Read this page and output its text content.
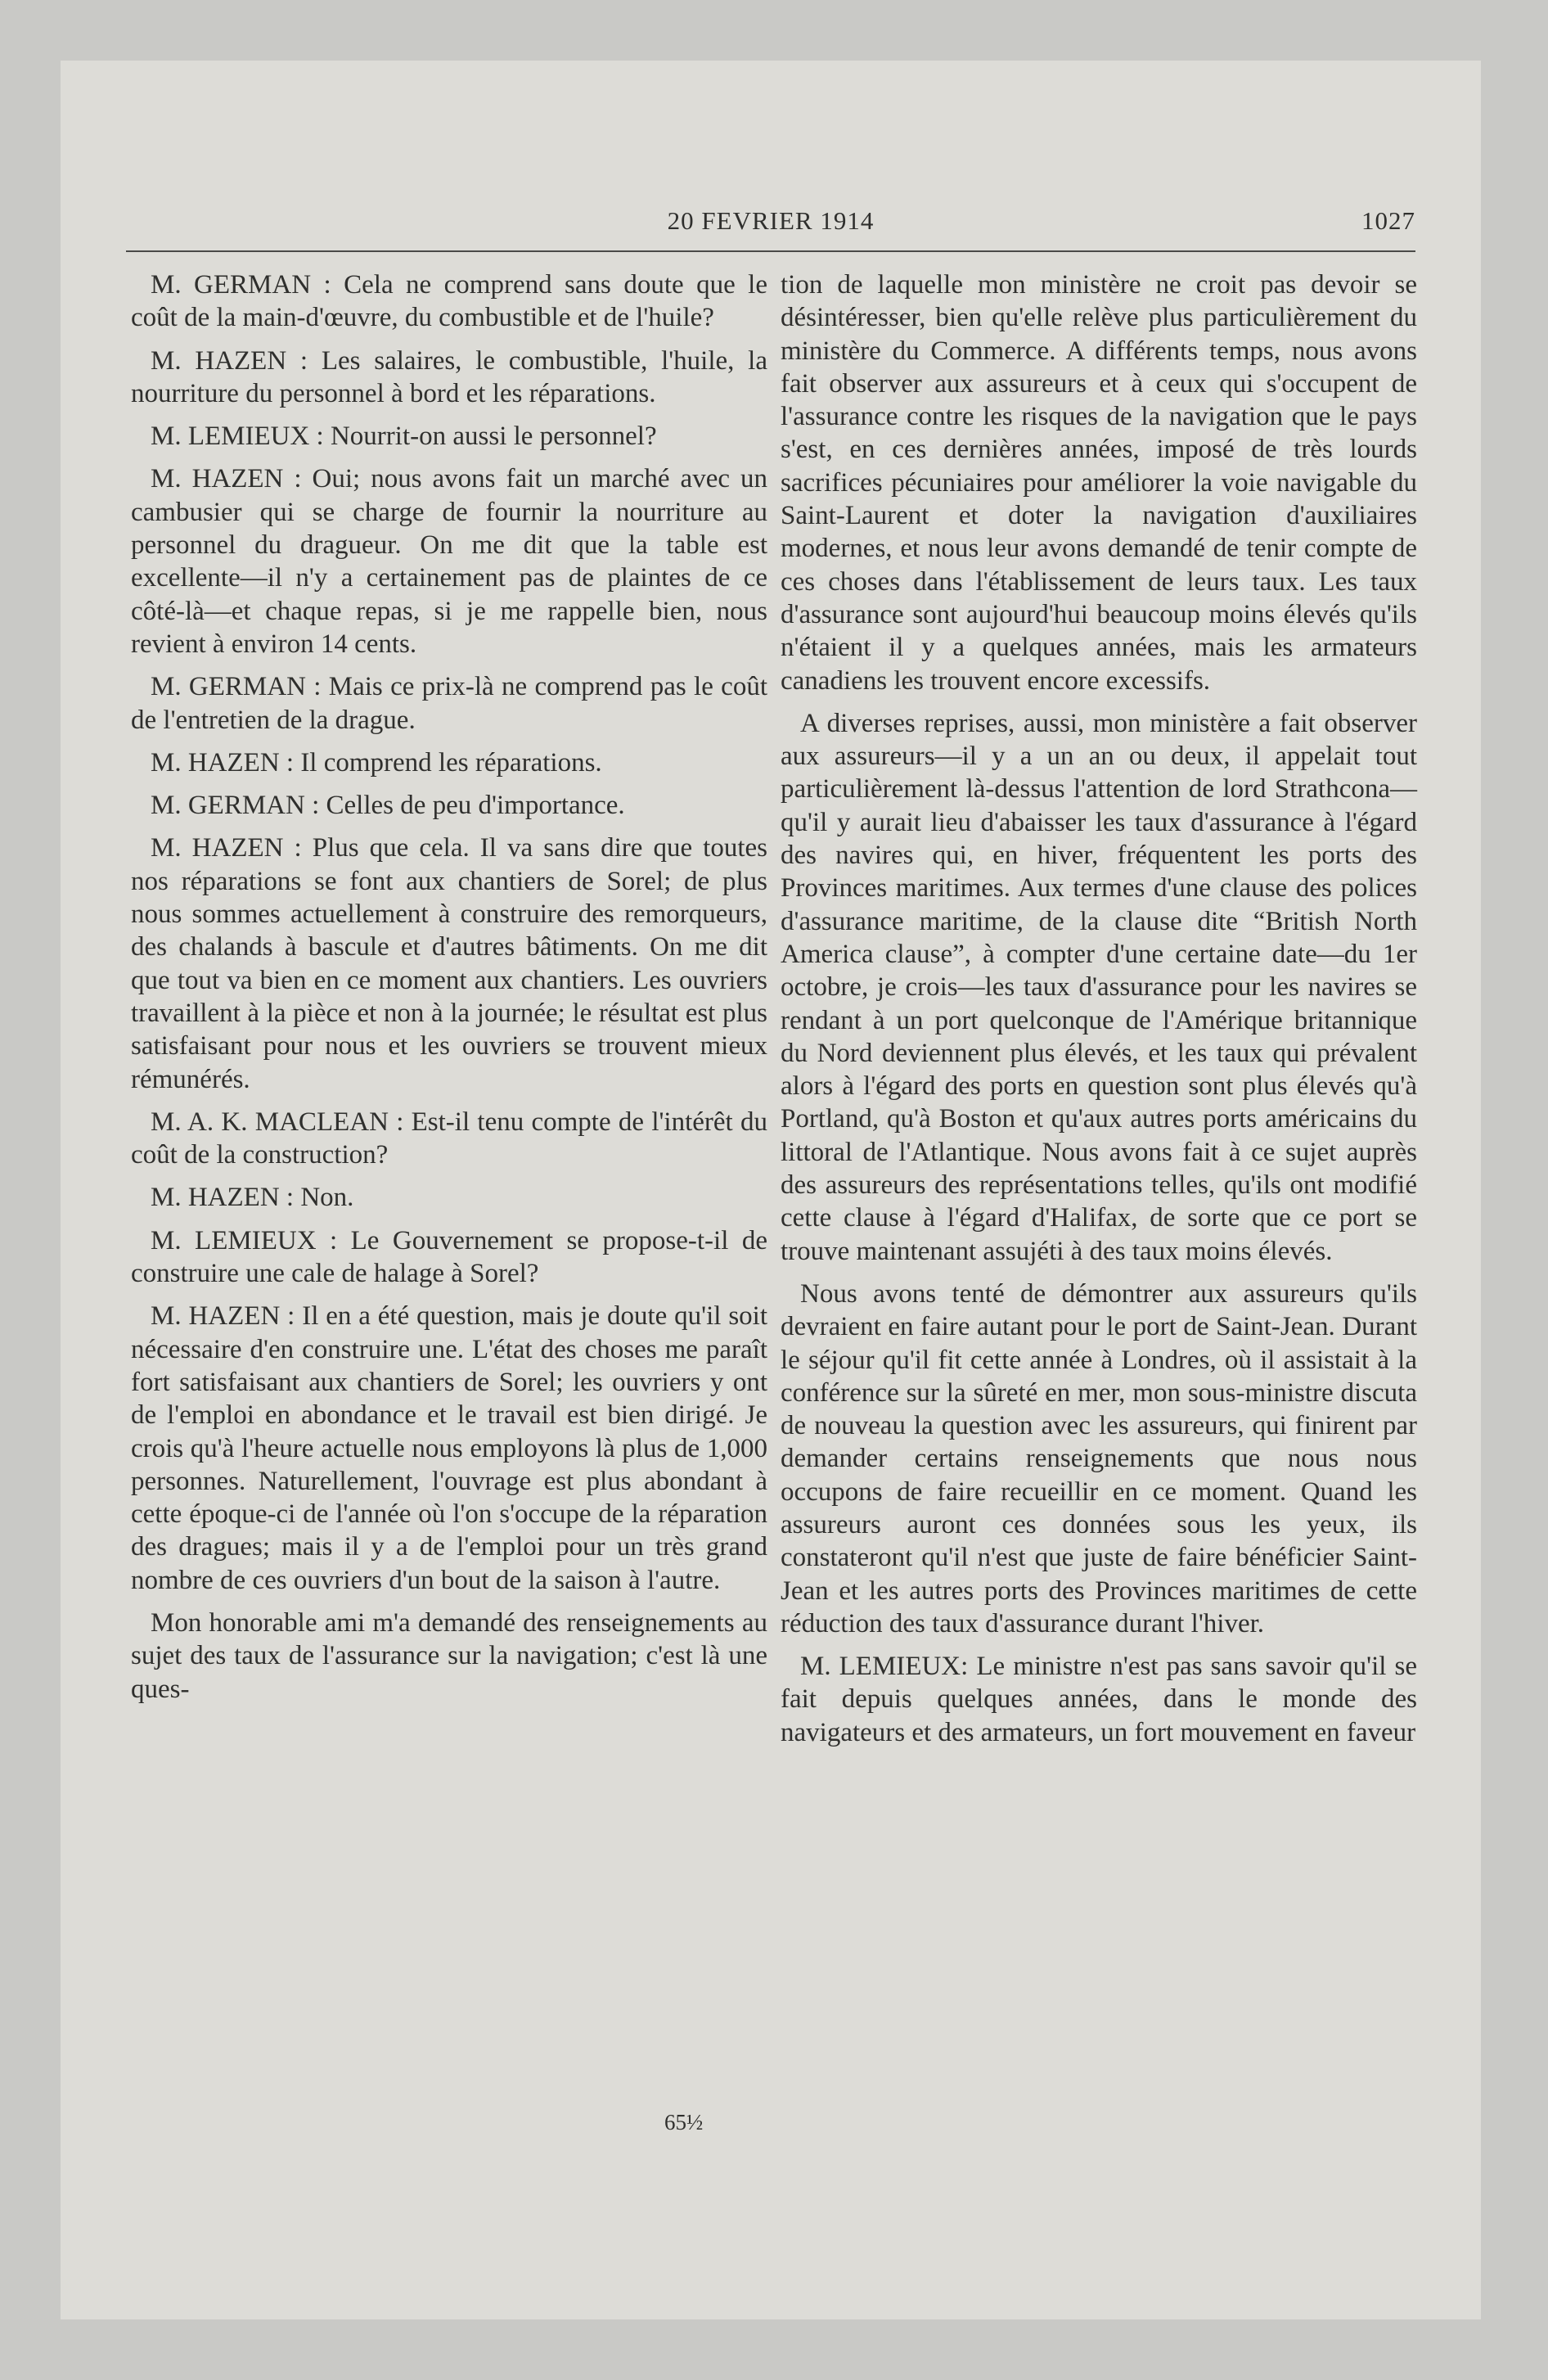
20 FEVRIER 1914	1027

M. GERMAN : Cela ne comprend sans doute que le coût de la main-d'œuvre, du combustible et de l'huile?

M. HAZEN : Les salaires, le combustible, l'huile, la nourriture du personnel à bord et les réparations.

M. LEMIEUX : Nourrit-on aussi le personnel?

M. HAZEN : Oui; nous avons fait un marché avec un cambusier qui se charge de fournir la nourriture au personnel du dragueur. On me dit que la table est excellente—il n'y a certainement pas de plaintes de ce côté-là—et chaque repas, si je me rappelle bien, nous revient à environ 14 cents.

M. GERMAN : Mais ce prix-là ne comprend pas le coût de l'entretien de la drague.

M. HAZEN : Il comprend les réparations.

M. GERMAN : Celles de peu d'importance.

M. HAZEN : Plus que cela. Il va sans dire que toutes nos réparations se font aux chantiers de Sorel; de plus nous sommes actuellement à construire des remorqueurs, des chalands à bascule et d'autres bâtiments. On me dit que tout va bien en ce moment aux chantiers. Les ouvriers travaillent à la pièce et non à la journée; le résultat est plus satisfaisant pour nous et les ouvriers se trouvent mieux rémunérés.

M. A. K. MACLEAN : Est-il tenu compte de l'intérêt du coût de la construction?

M. HAZEN : Non.

M. LEMIEUX : Le Gouvernement se propose-t-il de construire une cale de halage à Sorel?

M. HAZEN : Il en a été question, mais je doute qu'il soit nécessaire d'en construire une. L'état des choses me paraît fort satisfaisant aux chantiers de Sorel; les ouvriers y ont de l'emploi en abondance et le travail est bien dirigé. Je crois qu'à l'heure actuelle nous employons là plus de 1,000 personnes. Naturellement, l'ouvrage est plus abondant à cette époque-ci de l'année où l'on s'occupe de la réparation des dragues; mais il y a de l'emploi pour un très grand nombre de ces ouvriers d'un bout de la saison à l'autre.

Mon honorable ami m'a demandé des renseignements au sujet des taux de l'assurance sur la navigation; c'est là une ques-

tion de laquelle mon ministère ne croit pas devoir se désintéresser, bien qu'elle relève plus particulièrement du ministère du Commerce. A différents temps, nous avons fait observer aux assureurs et à ceux qui s'occupent de l'assurance contre les risques de la navigation que le pays s'est, en ces dernières années, imposé de très lourds sacrifices pécuniaires pour améliorer la voie navigable du Saint-Laurent et doter la navigation d'auxiliaires modernes, et nous leur avons demandé de tenir compte de ces choses dans l'établissement de leurs taux. Les taux d'assurance sont aujourd'hui beaucoup moins élevés qu'ils n'étaient il y a quelques années, mais les armateurs canadiens les trouvent encore excessifs.

A diverses reprises, aussi, mon ministère a fait observer aux assureurs—il y a un an ou deux, il appelait tout particulièrement là-dessus l'attention de lord Strathcona—qu'il y aurait lieu d'abaisser les taux d'assurance à l'égard des navires qui, en hiver, fréquentent les ports des Provinces maritimes. Aux termes d'une clause des polices d'assurance maritime, de la clause dite “British North America clause”, à compter d'une certaine date—du 1er octobre, je crois—les taux d'assurance pour les navires se rendant à un port quelconque de l'Amérique britannique du Nord deviennent plus élevés, et les taux qui prévalent alors à l'égard des ports en question sont plus élevés qu'à Portland, qu'à Boston et qu'aux autres ports américains du littoral de l'Atlantique. Nous avons fait à ce sujet auprès des assureurs des représentations telles, qu'ils ont modifié cette clause à l'égard d'Halifax, de sorte que ce port se trouve maintenant assujéti à des taux moins élevés.

Nous avons tenté de démontrer aux assureurs qu'ils devraient en faire autant pour le port de Saint-Jean. Durant le séjour qu'il fit cette année à Londres, où il assistait à la conférence sur la sûreté en mer, mon sous-ministre discuta de nouveau la question avec les assureurs, qui finirent par demander certains renseignements que nous nous occupons de faire recueillir en ce moment. Quand les assureurs auront ces données sous les yeux, ils constateront qu'il n'est que juste de faire bénéficier Saint-Jean et les autres ports des Provinces maritimes de cette réduction des taux d'assurance durant l'hiver.

M. LEMIEUX: Le ministre n'est pas sans savoir qu'il se fait depuis quelques années, dans le monde des navigateurs et des armateurs, un fort mouvement en faveur

65½
